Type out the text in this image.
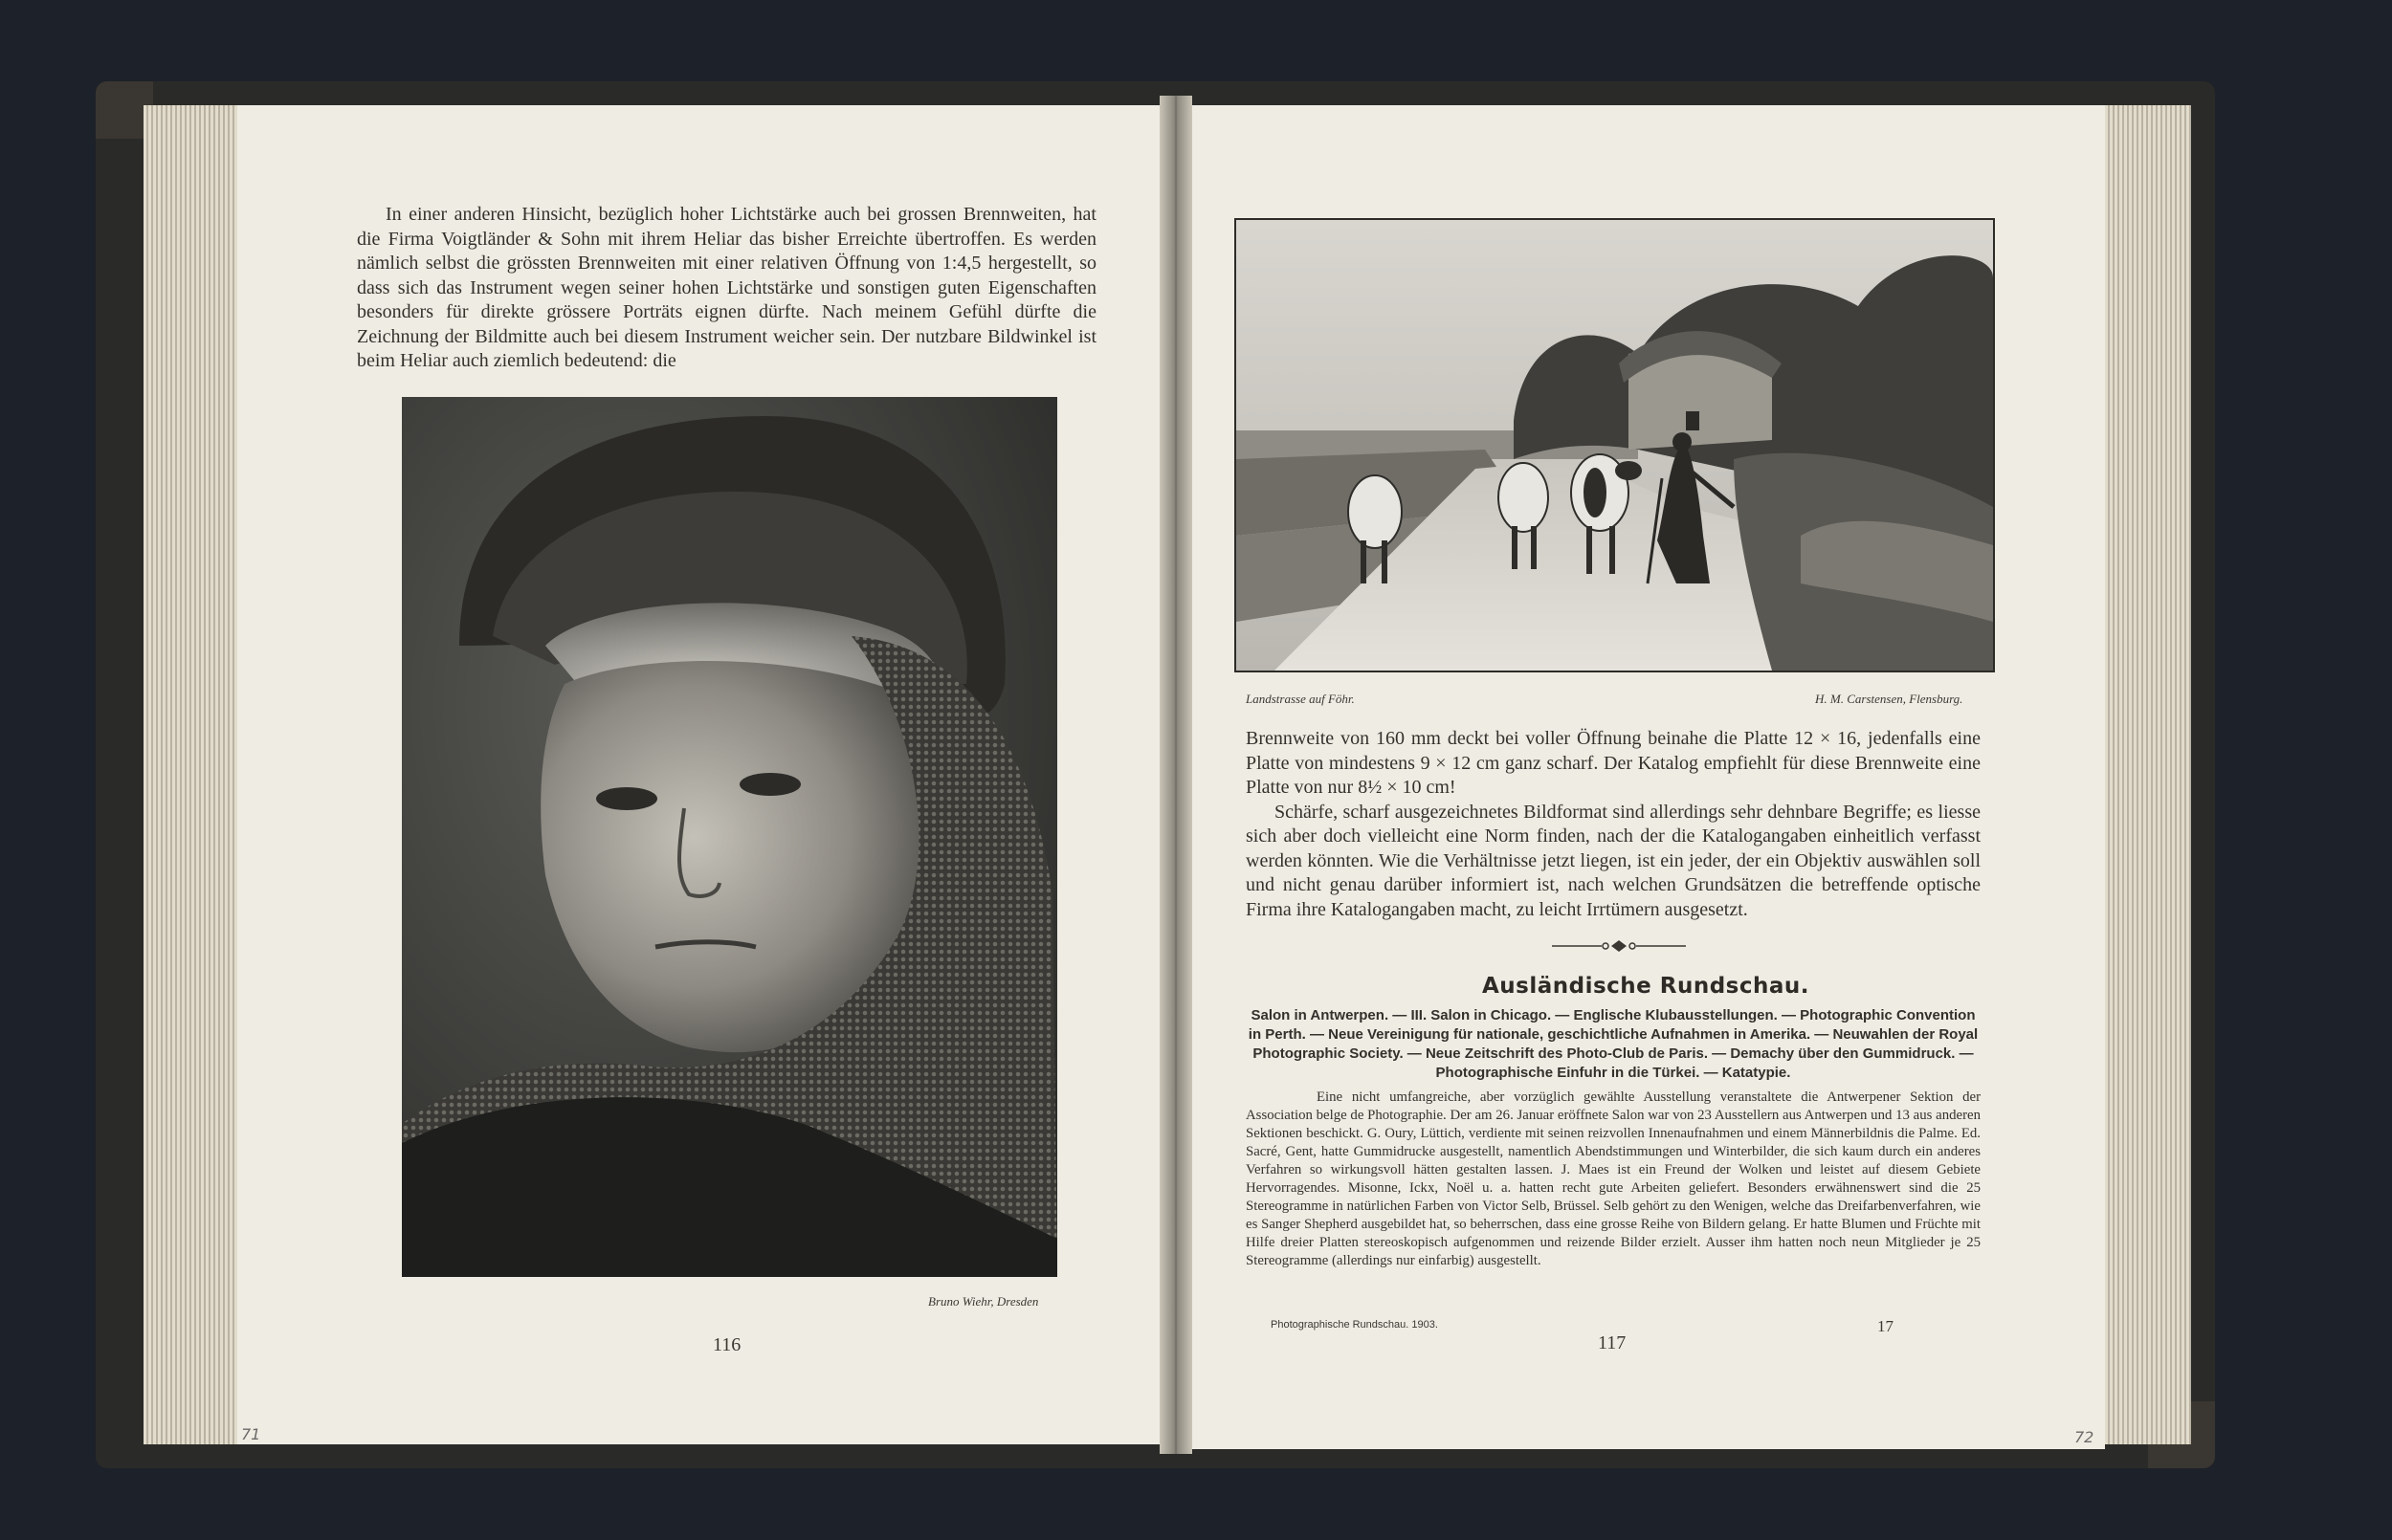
In einer anderen Hinsicht, bezüglich hoher Lichtstärke auch bei grossen Brennweiten, hat die Firma Voigtländer & Sohn mit ihrem Heliar das bisher Erreichte übertroffen. Es werden nämlich selbst die grössten Brennweiten mit einer relativen Öffnung von 1:4,5 hergestellt, so dass sich das Instrument wegen seiner hohen Lichtstärke und sonstigen guten Eigenschaften besonders für direkte grössere Porträts eignen dürfte. Nach meinem Gefühl dürfte die Zeichnung der Bildmitte auch bei diesem Instrument weicher sein. Der nutzbare Bildwinkel ist beim Heliar auch ziemlich bedeutend: die

Bruno Wiehr, Dresden
116
71
Landstrasse auf Föhr.	H. M. Carstensen, Flensburg.

Brennweite von 160 mm deckt bei voller Öffnung beinahe die Platte 12 × 16, jedenfalls eine Platte von mindestens 9 × 12 cm ganz scharf. Der Katalog empfiehlt für diese Brennweite eine Platte von nur 8½ × 10 cm!

Schärfe, scharf ausgezeichnetes Bildformat sind allerdings sehr dehnbare Begriffe; es liesse sich aber doch vielleicht eine Norm finden, nach der die Katalogangaben einheitlich verfasst werden könnten. Wie die Verhältnisse jetzt liegen, ist ein jeder, der ein Objektiv auswählen soll und nicht genau darüber informiert ist, nach welchen Grundsätzen die betreffende optische Firma ihre Katalogangaben macht, zu leicht Irrtümern ausgesetzt.

Ausländische Rundschau.
Salon in Antwerpen. — III. Salon in Chicago. — Englische Klubausstellungen. — Photographic Convention in Perth. — Neue Vereinigung für nationale, geschichtliche Aufnahmen in Amerika. — Neuwahlen der Royal Photographic Society. — Neue Zeitschrift des Photo-Club de Paris. — Demachy über den Gummidruck. — Photographische Einfuhr in die Türkei. — Katatypie.

Eine nicht umfangreiche, aber vorzüglich gewählte Ausstellung veranstaltete die Antwerpener Sektion der Association belge de Photographie. Der am 26. Januar eröffnete Salon war von 23 Ausstellern aus Antwerpen und 13 aus anderen Sektionen beschickt. G. Oury, Lüttich, verdiente mit seinen reizvollen Innenaufnahmen und einem Männerbildnis die Palme. Ed. Sacré, Gent, hatte Gummidrucke ausgestellt, namentlich Abendstimmungen und Winterbilder, die sich kaum durch ein anderes Verfahren so wirkungsvoll hätten gestalten lassen. J. Maes ist ein Freund der Wolken und leistet auf diesem Gebiete Hervorragendes. Misonne, Ickx, Noël u. a. hatten recht gute Arbeiten geliefert. Besonders erwähnenswert sind die 25 Stereogramme in natürlichen Farben von Victor Selb, Brüssel. Selb gehört zu den Wenigen, welche das Dreifarbenverfahren, wie es Sanger Shepherd ausgebildet hat, so beherrschen, dass eine grosse Reihe von Bildern gelang. Er hatte Blumen und Früchte mit Hilfe dreier Platten stereoskopisch aufgenommen und reizende Bilder erzielt. Ausser ihm hatten noch neun Mitglieder je 25 Stereogramme (allerdings nur einfarbig) ausgestellt.

Photographische Rundschau. 1903.	17
117
72
